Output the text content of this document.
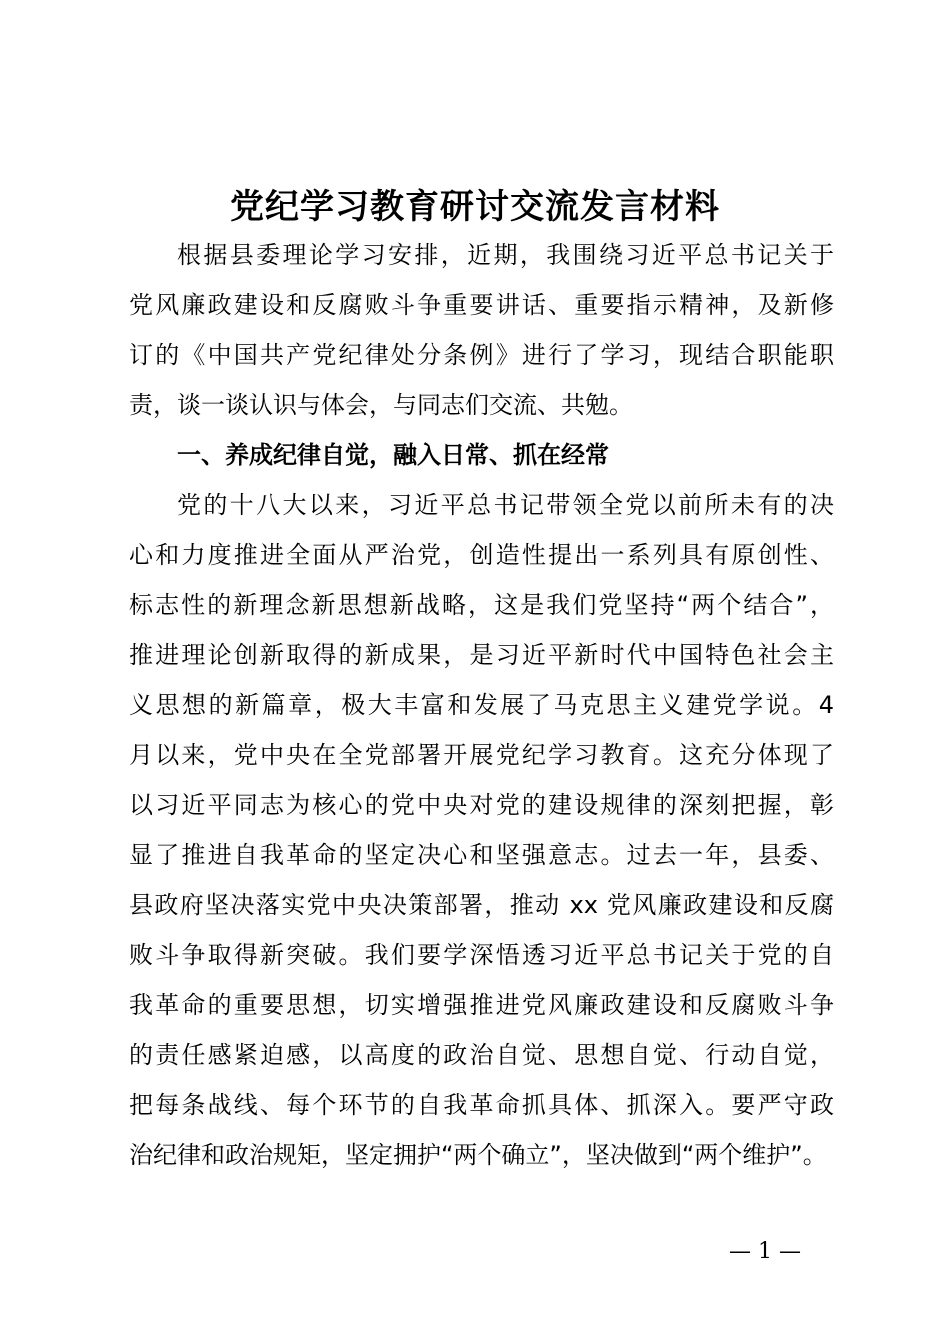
党纪学习教育研讨交流发言材料
根据县委理论学习安排，近期，我围绕习近平总书记关于
党风廉政建设和反腐败斗争重要讲话、重要指示精神，及新修
订的《中国共产党纪律处分条例》进行了学习，现结合职能职
责，谈一谈认识与体会，与同志们交流、共勉。
一、养成纪律自觉，融入日常、抓在经常
党的十八大以来，习近平总书记带领全党以前所未有的决
心和力度推进全面从严治党，创造性提出一系列具有原创性、
标志性的新理念新思想新战略，这是我们党坚持“两个结合”，
推进理论创新取得的新成果，是习近平新时代中国特色社会主
义思想的新篇章，极大丰富和发展了马克思主义建党学说。4
月以来，党中央在全党部署开展党纪学习教育。这充分体现了
以习近平同志为核心的党中央对党的建设规律的深刻把握，彰
显了推进自我革命的坚定决心和坚强意志。过去一年，县委、
县政府坚决落实党中央决策部署，推动 xx 党风廉政建设和反腐
败斗争取得新突破。我们要学深悟透习近平总书记关于党的自
我革命的重要思想，切实增强推进党风廉政建设和反腐败斗争
的责任感紧迫感，以高度的政治自觉、思想自觉、行动自觉，
把每条战线、每个环节的自我革命抓具体、抓深入。要严守政
治纪律和政治规矩，坚定拥护“两个确立”，坚决做到“两个维护”。
— 1 —
